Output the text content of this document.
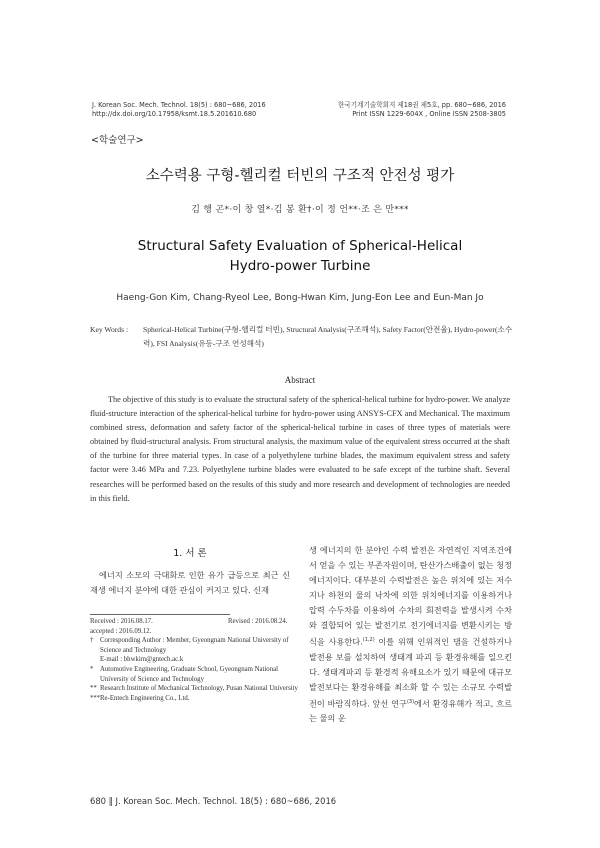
J. Korean Soc. Mech. Technol. 18(5) : 680~686, 2016
http://dx.doi.org/10.17958/ksmt.18.5.201610.680
한국기계기술학회지 제18권 제5호, pp. 680~686, 2016
Print ISSN 1229-604X , Online ISSN 2508-3805
<학술연구>
소수력용 구형-헬리컬 터빈의 구조적 안전성 평가
김 행 곤*·이 창 열*·김 봉 환†·이 정 언**·조 은 만***
Structural Safety Evaluation of Spherical-Helical
Hydro-power Turbine
Haeng-Gon Kim, Chang-Ryeol Lee, Bong-Hwan Kim, Jung-Eon Lee and Eun-Man Jo
Key Words : Spherical-Helical Turbine(구형-헬리컬 터빈), Structural Analysis(구조해석), Safety Factor(안전율), Hydro-power(소수력), FSI Analysis(유동-구조 연성해석)
Abstract
The objective of this study is to evaluate the structural safety of the spherical-helical turbine for hydro-power. We analyze fluid-structure interaction of the spherical-helical turbine for hydro-power using ANSYS-CFX and Mechanical. The maximum combined stress, deformation and safety factor of the spherical-helical turbine in cases of three types of materials were obtained by fluid-structural analysis. From structural analysis, the maximum value of the equivalent stress occurred at the shaft of the turbine for three material types. In case of a polyethylene turbine blades, the maximum equivalent stress and safety factor were 3.46 MPa and 7.23. Polyethylene turbine blades were evaluated to be safe except of the turbine shaft. Several researches will be performed based on the results of this study and more research and development of technologies are needed in this field.
1. 서 론
에너지 소모의 극대화로 인한 유가 급등으로 최근 신재생 에너지 분야에 대한 관심이 커지고 있다. 신재
Received : 2016.08.17.	Revised : 2016.08.24.
accepted : 2016.09.12.
† Corresponding Author : Member, Gyeongnam National University of Science and Technology
E-mail : bhwkim@gntech.ac.k
* Automotive Engineering, Graduate School, Gyeongnam National University of Science and Technology
** Research Institute of Mechanical Technology, Pusan National University
*** Re-Entech Engineering Co., Ltd.
생 에너지의 한 분야인 수력 발전은 자연적인 지역조건에서 얻을 수 있는 부존자원이며, 탄산가스배출이 없는 청정에너지이다. 대부분의 수력발전은 높은 위치에 있는 저수지나 하천의 물의 낙차에 의한 위치에너지를 이용하거나 압력 수두차를 이용하여 수차의 회전력을 발생시켜 수차와 결합되어 있는 발전기로 전기에너지를 변환시키는 방식을 사용한다.$^{(1,2)}$ 이를 위해 인위적인 댐을 건설하거나 발전용 보를 설치하여 생태계 파괴 등 환경유해를 일으킨다. 생태계파괴 등 환경적 유해요소가 있기 때문에 대규모 발전보다는 환경유해를 최소화 할 수 있는 소규모 수력발전이 바람직하다. 앞선 연구$^{(3)}$에서 환경유해가 적고, 흐르는 물의 운
680 ‖ J. Korean Soc. Mech. Technol. 18(5) : 680~686, 2016
